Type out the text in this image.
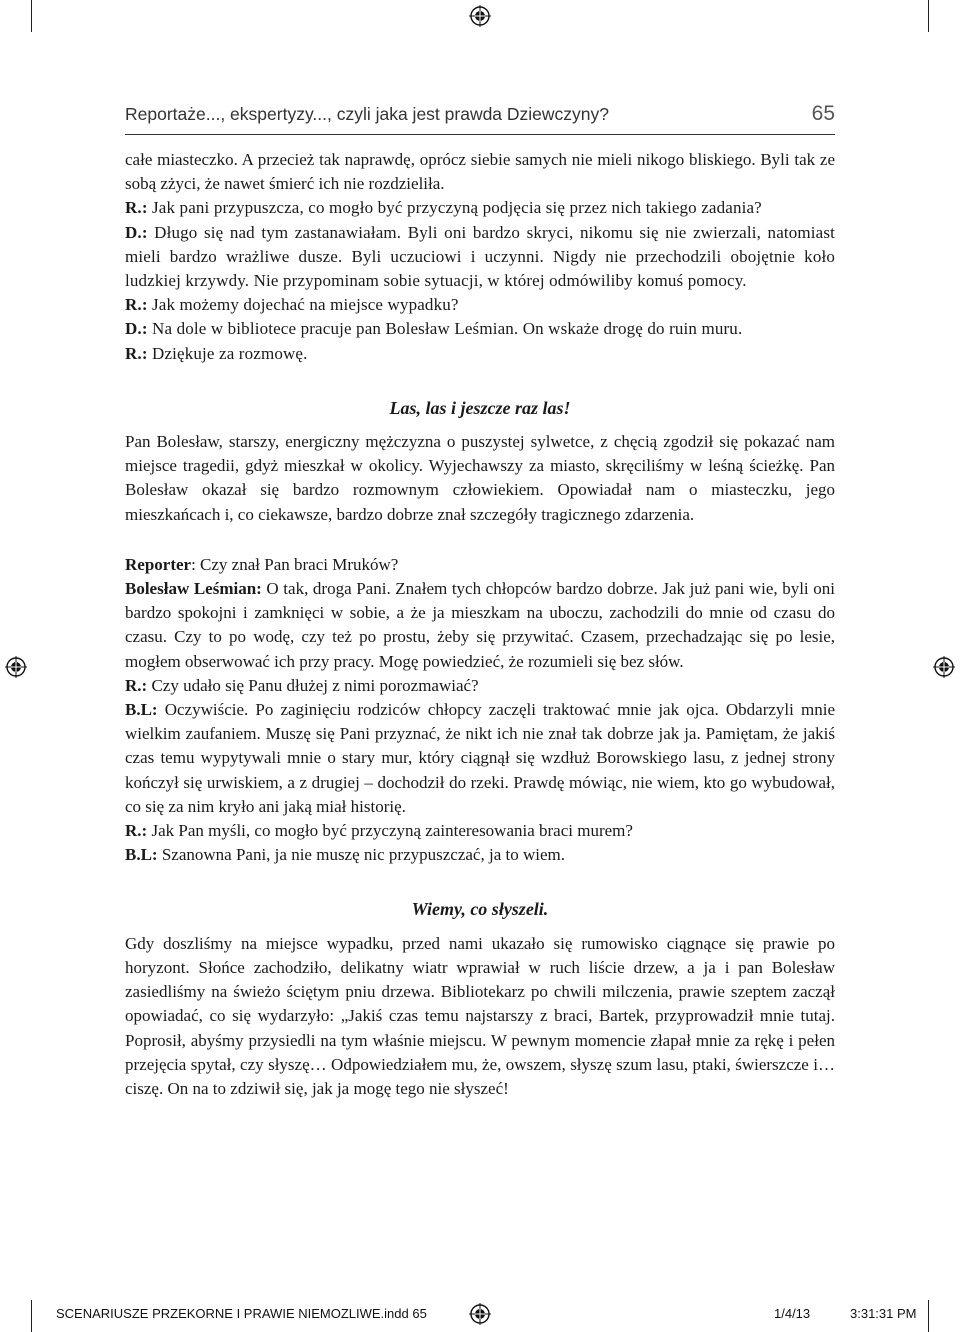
Reportaże..., ekspertyzy..., czyli jaka jest prawda Dziewczyny?	65

całe miasteczko. A przecież tak naprawdę, oprócz siebie samych nie mieli nikogo bliskiego. Byli tak ze sobą zżyci, że nawet śmierć ich nie rozdzieliła.

R.: Jak pani przypuszcza, co mogło być przyczyną podjęcia się przez nich takiego zadania?

D.: Długo się nad tym zastanawiałam. Byli oni bardzo skryci, nikomu się nie zwierzali, natomiast mieli bardzo wrażliwe dusze. Byli uczuciowi i uczynni. Nigdy nie przechodzili obojętnie koło ludzkiej krzywdy. Nie przypominam sobie sytuacji, w której odmówiliby komuś pomocy.

R.: Jak możemy dojechać na miejsce wypadku?

D.: Na dole w bibliotece pracuje pan Bolesław Leśmian. On wskaże drogę do ruin muru.

R.: Dziękuje za rozmowę.

Las, las i jeszcze raz las!

Pan Bolesław, starszy, energiczny mężczyzna o puszystej sylwetce, z chęcią zgodził się pokazać nam miejsce tragedii, gdyż mieszkał w okolicy. Wyjechawszy za miasto, skręciliśmy w leśną ścieżkę. Pan Bolesław okazał się bardzo rozmownym człowiekiem. Opowiadał nam o miasteczku, jego mieszkańcach i, co ciekawsze, bardzo dobrze znał szczegóły tragicznego zdarzenia.

Reporter: Czy znał Pan braci Mruków?

Bolesław Leśmian: O tak, droga Pani. Znałem tych chłopców bardzo dobrze. Jak już pani wie, byli oni bardzo spokojni i zamknięci w sobie, a że ja mieszkam na uboczu, zachodzili do mnie od czasu do czasu. Czy to po wodę, czy też po prostu, żeby się przywitać. Czasem, przechadzając się po lesie, mogłem obserwować ich przy pracy. Mogę powiedzieć, że rozumieli się bez słów.

R.: Czy udało się Panu dłużej z nimi porozmawiać?

B.L: Oczywiście. Po zaginięciu rodziców chłopcy zaczęli traktować mnie jak ojca. Obdarzyli mnie wielkim zaufaniem. Muszę się Pani przyznać, że nikt ich nie znał tak dobrze jak ja. Pamiętam, że jakiś czas temu wypytywali mnie o stary mur, który ciągnął się wzdłuż Borowskiego lasu, z jednej strony kończył się urwiskiem, a z drugiej – dochodził do rzeki. Prawdę mówiąc, nie wiem, kto go wybudował, co się za nim kryło ani jaką miał historię.

R.: Jak Pan myśli, co mogło być przyczyną zainteresowania braci murem?

B.L: Szanowna Pani, ja nie muszę nic przypuszczać, ja to wiem.

Wiemy, co słyszeli.

Gdy doszliśmy na miejsce wypadku, przed nami ukazało się rumowisko ciągnące się prawie po horyzont. Słońce zachodziło, delikatny wiatr wprawiał w ruch liście drzew, a ja i pan Bolesław zasiedliśmy na świeżo ściętym pniu drzewa. Bibliotekarz po chwili milczenia, prawie szeptem zaczął opowiadać, co się wydarzyło: „Jakiś czas temu najstarszy z braci, Bartek, przyprowadził mnie tutaj. Poprosił, abyśmy przysiedli na tym właśnie miejscu. W pewnym momencie złapał mnie za rękę i pełen przejęcia spytał, czy słyszę… Odpowiedziałem mu, że, owszem, słyszę szum lasu, ptaki, świerszcze i… ciszę. On na to zdziwił się, jak ja mogę tego nie słyszeć!

SCENARIUSZE PRZEKORNE I PRAWIE NIEMOZLIWE.indd 65	1/4/13	3:31:31 PM
